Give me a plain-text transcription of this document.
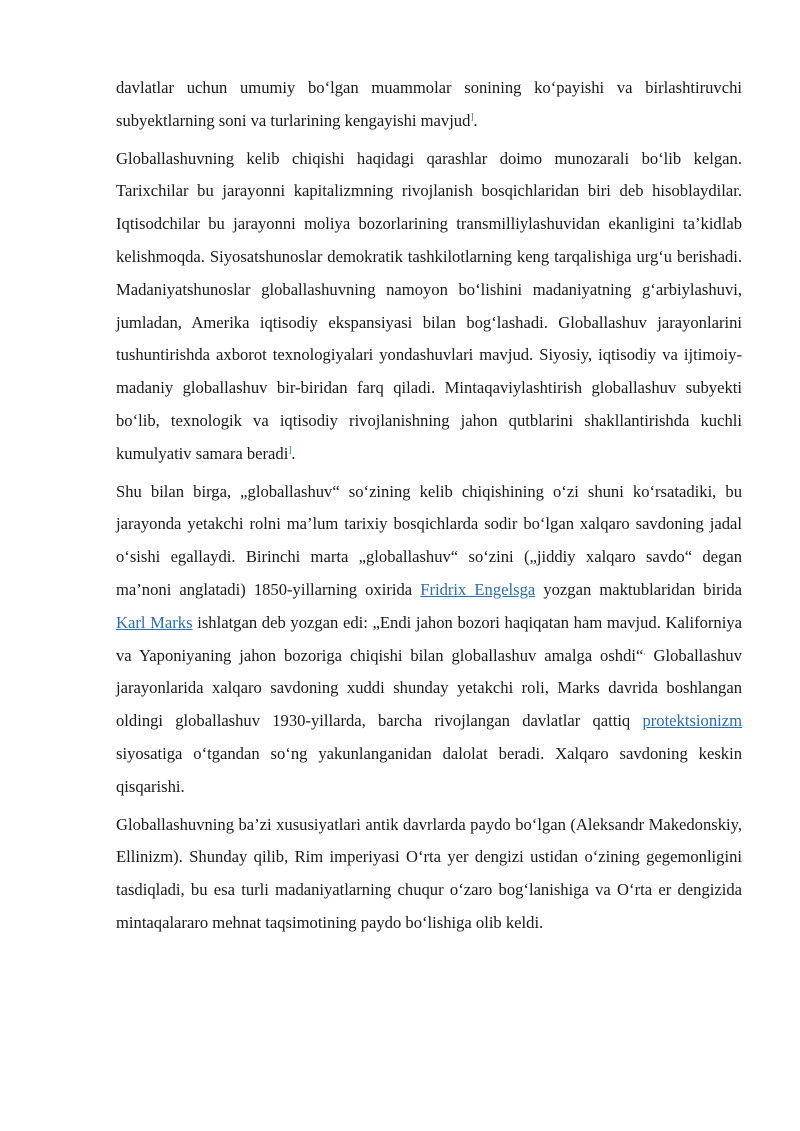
davlatlar uchun umumiy bo‘lgan muammolar sonining ko‘payishi va birlashtiruvchi subyektlarning soni va turlarining kengayishi mavjud].

Globallashuvning kelib chiqishi haqidagi qarashlar doimo munozarali bo‘lib kelgan. Tarixchilar bu jarayonni kapitalizmning rivojlanish bosqichlaridan biri deb hisoblaydilar. Iqtisodchilar bu jarayonni moliya bozorlarining transmilliylashuvidan ekanligini ta’kidlab kelishmoqda. Siyosatshunoslar demokratik tashkilotlarning keng tarqalishiga urg‘u berishadi. Madaniyatshunoslar globallashuvning namoyon bo‘lishini madaniyatning g‘arbiylashuvi, jumladan, Amerika iqtisodiy ekspansiyasi bilan bog‘lashadi. Globallashuv jarayonlarini tushuntirishda axborot texnologiyalari yondashuvlari mavjud. Siyosiy, iqtisodiy va ijtimoiy-madaniy globallashuv bir-biridan farq qiladi. Mintaqaviylashtirish globallashuv subyekti bo‘lib, texnologik va iqtisodiy rivojlanishning jahon qutblarini shakllantirishda kuchli kumulyativ samara beradi].

Shu bilan birga, „globallashuv“ so‘zining kelib chiqishining o‘zi shuni ko‘rsatadiki, bu jarayonda yetakchi rolni ma’lum tarixiy bosqichlarda sodir bo‘lgan xalqaro savdoning jadal o‘sishi egallaydi. Birinchi marta „globallashuv“ so‘zini („jiddiy xalqaro savdo“ degan ma’noni anglatadi) 1850-yillarning oxirida Fridrix Engelsga yozgan maktublaridan birida Karl Marks ishlatgan deb yozgan edi: „Endi jahon bozori haqiqatan ham mavjud. Kaliforniya va Yaponiyaning jahon bozoriga chiqishi bilan globallashuv amalga oshdi“. Globallashuv jarayonlarida xalqaro savdoning xuddi shunday yetakchi roli, Marks davrida boshlangan oldingi globallashuv 1930-yillarda, barcha rivojlangan davlatlar qattiq protektsionizm siyosatiga o‘tgandan so‘ng yakunlanganidan dalolat beradi. Xalqaro savdoning keskin qisqarishi.

Globallashuvning ba’zi xususiyatlari antik davrlarda paydo bo‘lgan (Aleksandr Makedonskiy, Ellinizm). Shunday qilib, Rim imperiyasi O‘rta yer dengizi ustidan o‘zining gegemonligini tasdiqladi, bu esa turli madaniyatlarning chuqur o‘zaro bog‘lanishiga va O‘rta er dengizida mintaqalararo mehnat taqsimotining paydo bo‘lishiga olib keldi.
